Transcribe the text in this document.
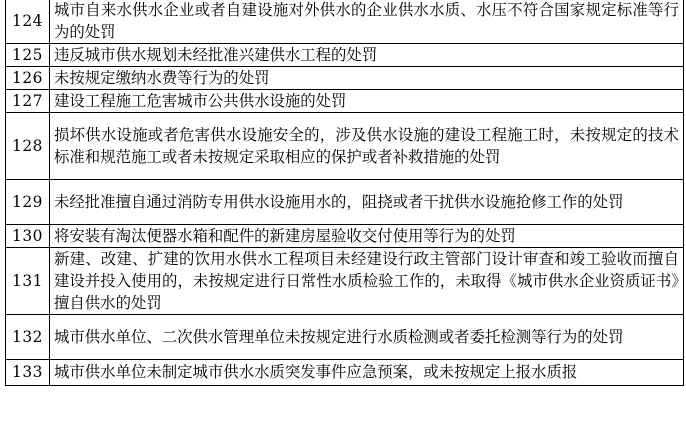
124	城市自来水供水企业或者自建设施对外供水的企业供水水质、水压不符合国家规定标准等行为的处罚
125	违反城市供水规划未经批准兴建供水工程的处罚
126	未按规定缴纳水费等行为的处罚
127	建设工程施工危害城市公共供水设施的处罚
128	损坏供水设施或者危害供水设施安全的，涉及供水设施的建设工程施工时，未按规定的技术标准和规范施工或者未按规定采取相应的保护或者补救措施的处罚
129	未经批准擅自通过消防专用供水设施用水的，阻挠或者干扰供水设施抢修工作的处罚
130	将安装有淘汰便器水箱和配件的新建房屋验收交付使用等行为的处罚
131	新建、改建、扩建的饮用水供水工程项目未经建设行政主管部门设计审查和竣工验收而擅自建设并投入使用的，未按规定进行日常性水质检验工作的，未取得《城市供水企业资质证书》擅自供水的处罚
132	城市供水单位、二次供水管理单位未按规定进行水质检测或者委托检测等行为的处罚
133	城市供水单位未制定城市供水水质突发事件应急预案，或未按规定上报水质报
